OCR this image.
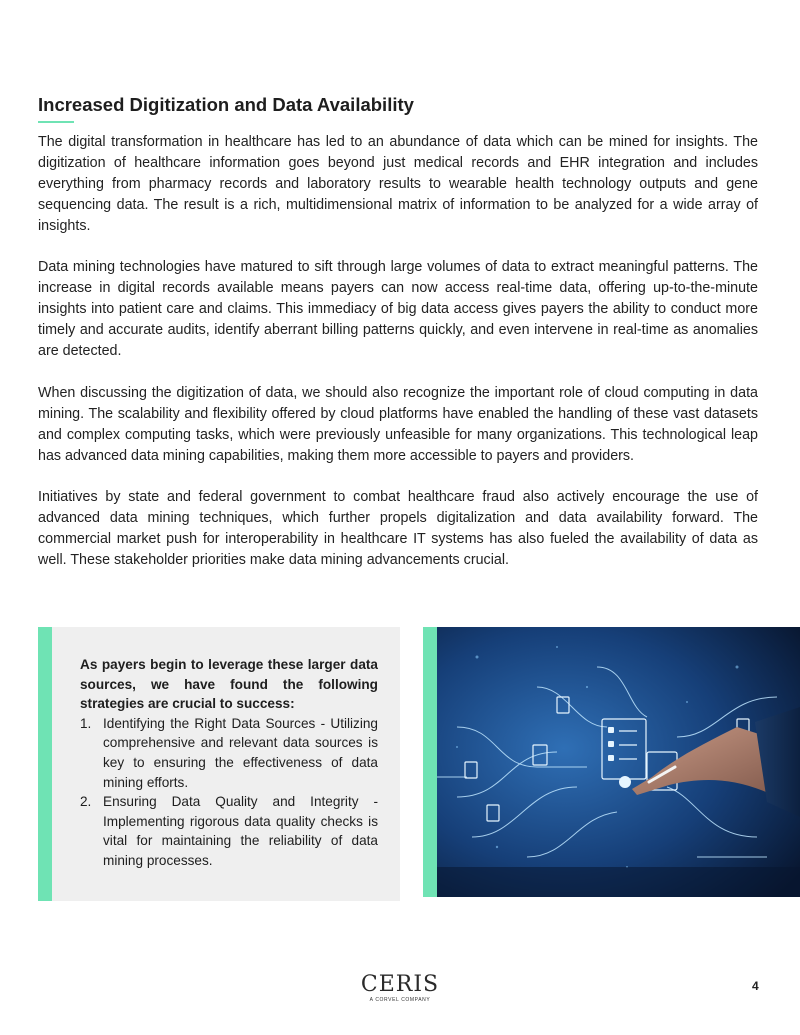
Increased Digitization and Data Availability

The digital transformation in healthcare has led to an abundance of data which can be mined for insights. The digitization of healthcare information goes beyond just medical records and EHR integration and includes everything from pharmacy records and laboratory results to wearable health technology outputs and gene sequencing data. The result is a rich, multidimensional matrix of information to be analyzed for a wide array of insights.

Data mining technologies have matured to sift through large volumes of data to extract meaningful patterns. The increase in digital records available means payers can now access real-time data, offering up-to-the-minute insights into patient care and claims. This immediacy of big data access gives payers the ability to conduct more timely and accurate audits, identify aberrant billing patterns quickly, and even intervene in real-time as anomalies are detected.

When discussing the digitization of data, we should also recognize the important role of cloud computing in data mining. The scalability and flexibility offered by cloud platforms have enabled the handling of these vast datasets and complex computing tasks, which were previously unfeasible for many organizations. This technological leap has advanced data mining capabilities, making them more accessible to payers and providers.

Initiatives by state and federal government to combat healthcare fraud also actively encourage the use of advanced data mining techniques, which further propels digitalization and data availability forward. The commercial market push for interoperability in healthcare IT systems has also fueled the availability of data as well. These stakeholder priorities make data mining advancements crucial.

As payers begin to leverage these larger data sources, we have found the following strategies are crucial to success:

1. Identifying the Right Data Sources - Utilizing comprehensive and relevant data sources is key to ensuring the effectiveness of data mining efforts.
2. Ensuring Data Quality and Integrity - Implementing rigorous data quality checks is vital for maintaining the reliability of data mining processes.
CERIS
A CORVEL COMPANY
4
